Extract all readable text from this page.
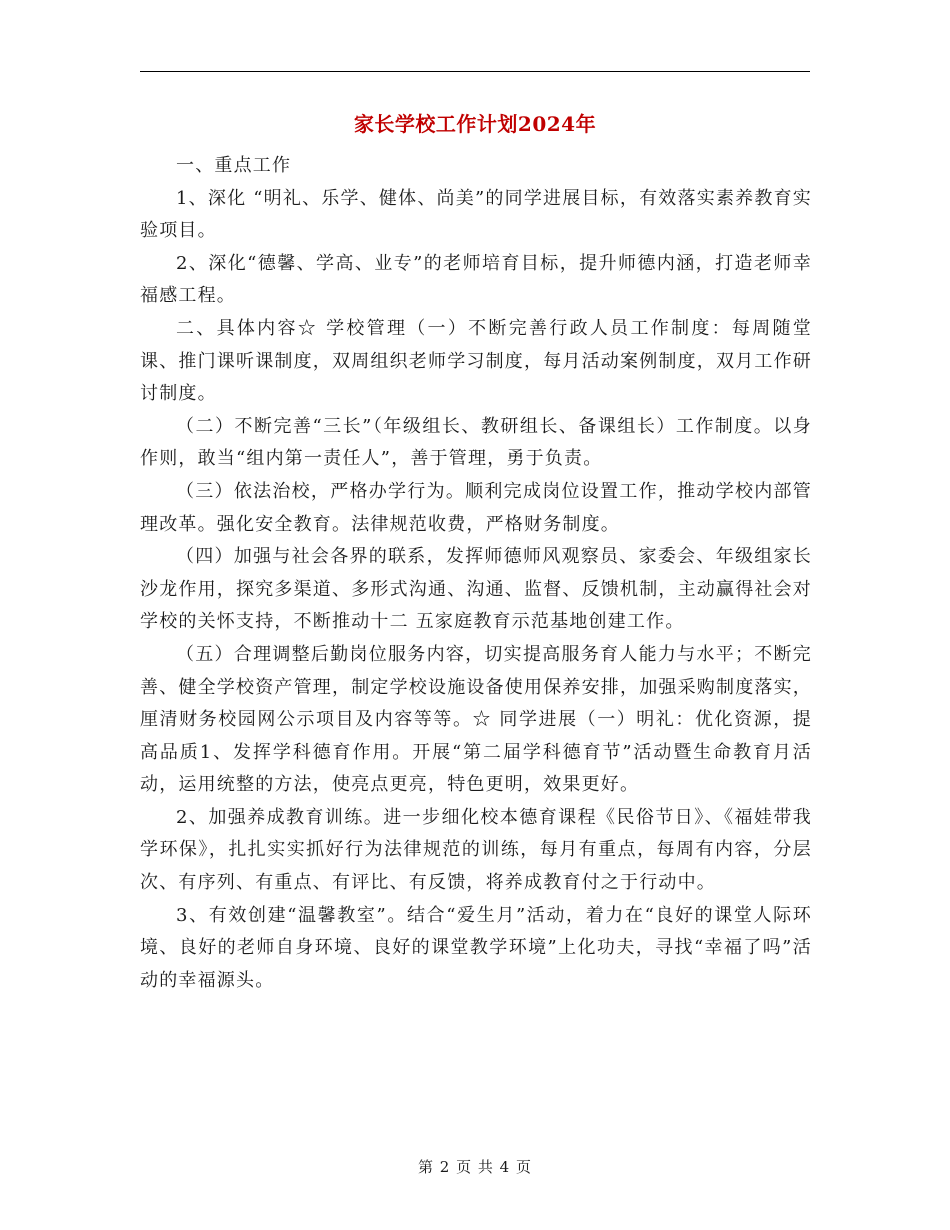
家长学校工作计划2024年

一、重点工作

1、深化 “明礼、乐学、健体、尚美”的同学进展目标，有效落实素养教育实验项目。

2、深化“德馨、学高、业专”的老师培育目标，提升师德内涵，打造老师幸福感工程。

二、具体内容☆ 学校管理（一）不断完善行政人员工作制度：每周随堂课、推门课听课制度，双周组织老师学习制度，每月活动案例制度，双月工作研讨制度。

（二）不断完善“三长”（年级组长、教研组长、备课组长）工作制度。以身作则，敢当“组内第一责任人”，善于管理，勇于负责。

（三）依法治校，严格办学行为。顺利完成岗位设置工作，推动学校内部管理改革。强化安全教育。法律规范收费，严格财务制度。

（四）加强与社会各界的联系，发挥师德师风观察员、家委会、年级组家长沙龙作用，探究多渠道、多形式沟通、沟通、监督、反馈机制，主动赢得社会对学校的关怀支持，不断推动十二 五家庭教育示范基地创建工作。

（五）合理调整后勤岗位服务内容，切实提高服务育人能力与水平；不断完善、健全学校资产管理，制定学校设施设备使用保养安排，加强采购制度落实，厘清财务校园网公示项目及内容等等。☆ 同学进展（一）明礼：优化资源，提高品质1、发挥学科德育作用。开展“第二届学科德育节”活动暨生命教育月活动，运用统整的方法，使亮点更亮，特色更明，效果更好。

2、加强养成教育训练。进一步细化校本德育课程《民俗节日》、《福娃带我学环保》，扎扎实实抓好行为法律规范的训练，每月有重点，每周有内容，分层次、有序列、有重点、有评比、有反馈，将养成教育付之于行动中。

3、有效创建“温馨教室”。结合“爱生月”活动，着力在“良好的课堂人际环境、良好的老师自身环境、良好的课堂教学环境”上化功夫，寻找“幸福了吗”活动的幸福源头。

第 2 页 共 4 页
